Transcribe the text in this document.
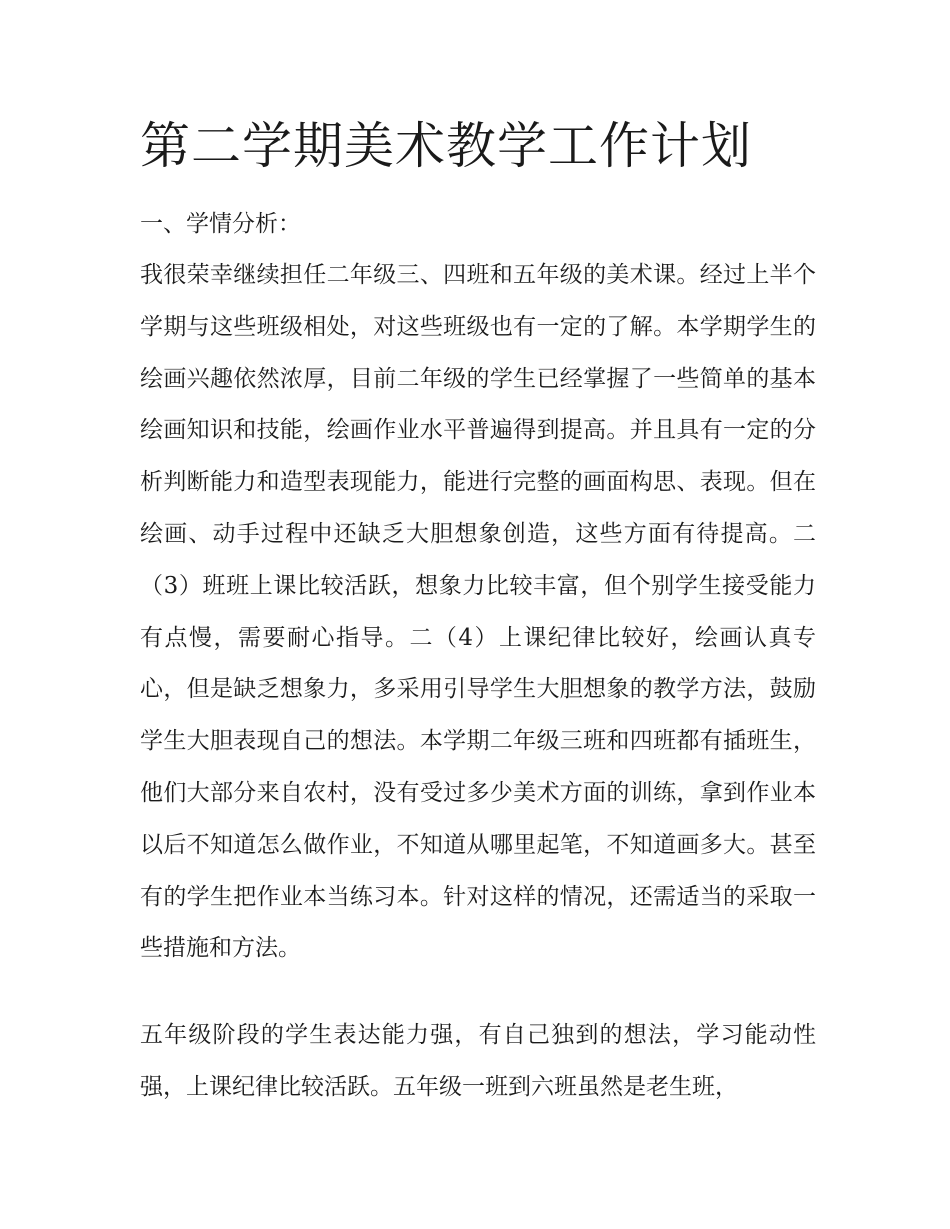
第二学期美术教学工作计划
一、学情分析：

我很荣幸继续担任二年级三、四班和五年级的美术课。经过上半个学期与这些班级相处，对这些班级也有一定的了解。本学期学生的绘画兴趣依然浓厚，目前二年级的学生已经掌握了一些简单的基本绘画知识和技能，绘画作业水平普遍得到提高。并且具有一定的分析判断能力和造型表现能力，能进行完整的画面构思、表现。但在绘画、动手过程中还缺乏大胆想象创造，这些方面有待提高。二（3）班班上课比较活跃，想象力比较丰富，但个别学生接受能力有点慢，需要耐心指导。二（4）上课纪律比较好，绘画认真专心，但是缺乏想象力，多采用引导学生大胆想象的教学方法，鼓励学生大胆表现自己的想法。本学期二年级三班和四班都有插班生，他们大部分来自农村，没有受过多少美术方面的训练，拿到作业本以后不知道怎么做作业，不知道从哪里起笔，不知道画多大。甚至有的学生把作业本当练习本。针对这样的情况，还需适当的采取一些措施和方法。

五年级阶段的学生表达能力强，有自己独到的想法，学习能动性强，上课纪律比较活跃。五年级一班到六班虽然是老生班，
